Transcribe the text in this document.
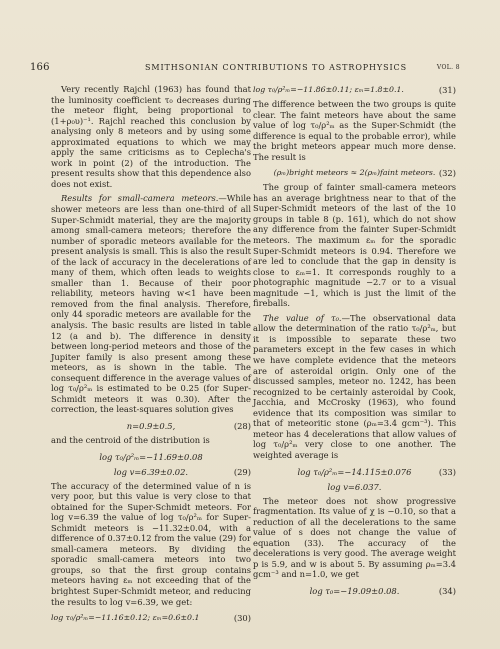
166	SMITHSONIAN CONTRIBUTIONS TO ASTROPHYSICS	VOL. 8

Very recently Rajchl (1963) has found that the luminosity coefficient τ₀ decreases during the meteor flight, being proportional to (1+ρ₀υ)⁻¹. Rajchl reached this conclusion by analysing only 8 meteors and by using some approximated equations to which we may apply the same criticisms as to Ceplecha's work in point (2) of the introduction. The present results show that this dependence also does not exist.

Results for small-camera meteors.—While shower meteors are less than one-third of all Super-Schmidt material, they are the majority among small-camera meteors; therefore the number of sporadic meteors available for the present analysis is small. This is also the result of the lack of accuracy in the decelerations of many of them, which often leads to weights smaller than 1. Because of their poor reliability, meteors having w<1 have been removed from the final analysis. Therefore, only 44 sporadic meteors are available for the analysis. The basic results are listed in table 12 (a and b). The difference in density between long-period meteors and those of the Jupiter family is also present among these meteors, as is shown in the table. The consequent difference in the average values of log τ₀/ρ²ₘ is estimated to be 0.25 (for Super-Schmidt meteors it was 0.30). After the correction, the least-squares solution gives

n=0.9±0.5,	(28)

and the centroid of the distribution is

log τ₀/ρ²ₘ=−11.69±0.08
log v=6.39±0.02.	(29)

The accuracy of the determined value of n is very poor, but this value is very close to that obtained for the Super-Schmidt meteors. For log v=6.39 the value of log τ₀/ρ²ₘ for Super-Schmidt meteors is −11.32±0.04, with a difference of 0.37±0.12 from the value (29) for small-camera meteors. By dividing the sporadic small-camera meteors into two groups, so that the first group contains meteors having εₘ not exceeding that of the brightest Super-Schmidt meteor, and reducing the results to log v=6.39, we get:

log τ₀/ρ²ₘ=−11.16±0.12; εₘ=0.6±0.1	(30)
log τ₀/ρ²ₘ=−11.86±0.11; εₘ=1.8±0.1.	(31)

The difference between the two groups is quite clear. The faint meteors have about the same value of log τ₀/ρ²ₘ as the Super-Schmidt (the difference is equal to the probable error), while the bright meteors appear much more dense. The result is

(ρₘ)bright meteors ≈ 2(ρₘ)faint meteors. (32)

The group of fainter small-camera meteors has an average brightness near to that of the Super-Schmidt meteors of the last of the 10 groups in table 8 (p. 161), which do not show any difference from the fainter Super-Schmidt meteors. The maximum εₘ for the sporadic Super-Schmidt meteors is 0.94. Therefore we are led to conclude that the gap in density is close to εₘ=1. It corresponds roughly to a photographic magnitude −2.7 or to a visual magnitude −1, which is just the limit of the fireballs.

The value of τ₀.—The observational data allow the determination of the ratio τ₀/ρ²ₘ, but it is impossible to separate these two parameters except in the few cases in which we have complete evidence that the meteors are of asteroidal origin. Only one of the discussed samples, meteor no. 1242, has been recognized to be certainly asteroidal by Cook, Jacchia, and McCrosky (1963), who found evidence that its composition was similar to that of meteoritic stone (ρₘ=3.4 gcm⁻³). This meteor has 4 decelerations that allow values of log τ₀/ρ²ₘ very close to one another. The weighted average is

log τ₀/ρ²ₘ=−14.115±0.076	(33)
log v=6.037.

The meteor does not show progressive fragmentation. Its value of χ is −0.10, so that a reduction of all the decelerations to the same value of s does not change the value of equation (33). The accuracy of the decelerations is very good. The average weight p is 5.9, and w is about 5. By assuming ρₘ=3.4 gcm⁻³ and n=1.0, we get

log τ₀=−19.09±0.08.	(34)
